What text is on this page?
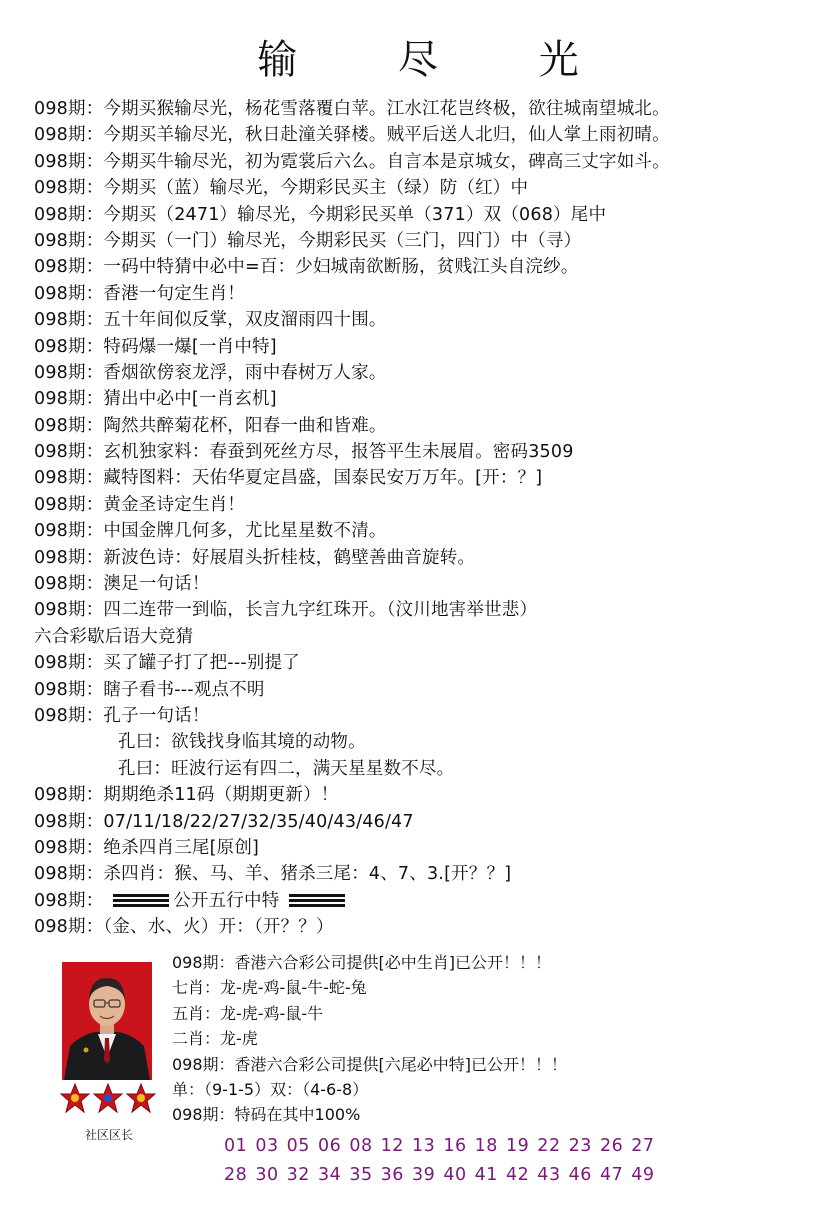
输 尽 光
098期：今期买猴输尽光，杨花雪落覆白苹。江水江花岂终极，欲往城南望城北。
098期：今期买羊输尽光，秋日赴潼关驿楼。贼平后送人北归，仙人掌上雨初晴。
098期：今期买牛输尽光，初为霓裳后六么。自言本是京城女，碑高三丈字如斗。
098期：今期买（蓝）输尽光，今期彩民买主（绿）防（红）中
098期：今期买（2471）输尽光，今期彩民买单（371）双（068）尾中
098期：今期买（一门）输尽光，今期彩民买（三门，四门）中（寻）
098期：一码中特猜中必中=百：少妇城南欲断肠，贫贱江头自浣纱。
098期：香港一句定生肖！
098期：五十年间似反掌，双皮溜雨四十围。
098期：特码爆一爆[一肖中特]
098期：香烟欲傍衮龙浮，雨中春树万人家。
098期：猜出中必中[一肖玄机]
098期：陶然共醉菊花杯，阳春一曲和皆难。
098期：玄机独家料：春蚕到死丝方尽，报答平生未展眉。密码3509
098期：藏特图料：天佑华夏定昌盛，国泰民安万万年。[开：？]
098期：黄金圣诗定生肖！
098期：中国金牌几何多，尤比星星数不清。
098期：新波色诗：好展眉头折桂枝，鹤壁善曲音旋转。
098期：澳足一句话！
098期：四二连带一到临，长言九字红珠开。（汶川地害举世悲）
六合彩歇后语大竞猜
098期：买了罐子打了把---别提了
098期：瞎子看书---观点不明
098期：孔子一句话！
孔曰：欲钱找身临其境的动物。
孔曰：旺波行运有四二，满天星星数不尽。
098期：期期绝杀11码（期期更新）！
098期：07/11/18/22/27/32/35/40/43/46/47
098期：绝杀四肖三尾[原创]
098期：杀四肖：猴、马、羊、猪杀三尾：4、7、3.[开？？]
098期：	公开五行中特
098期：（金、水、火）开：（开？？）
社区区长
098期：香港六合彩公司提供[必中生肖]已公开！！！
七肖：龙-虎-鸡-鼠-牛-蛇-兔
五肖：龙-虎-鸡-鼠-牛
二肖：龙-虎
098期：香港六合彩公司提供[六尾必中特]已公开！！！
单：（9-1-5）双：（4-6-8）
098期：特码在其中100%
01 03 05 06 08 12 13 16 18 19 22 23 26 27
28 30 32 34 35 36 39 40 41 42 43 46 47 49
